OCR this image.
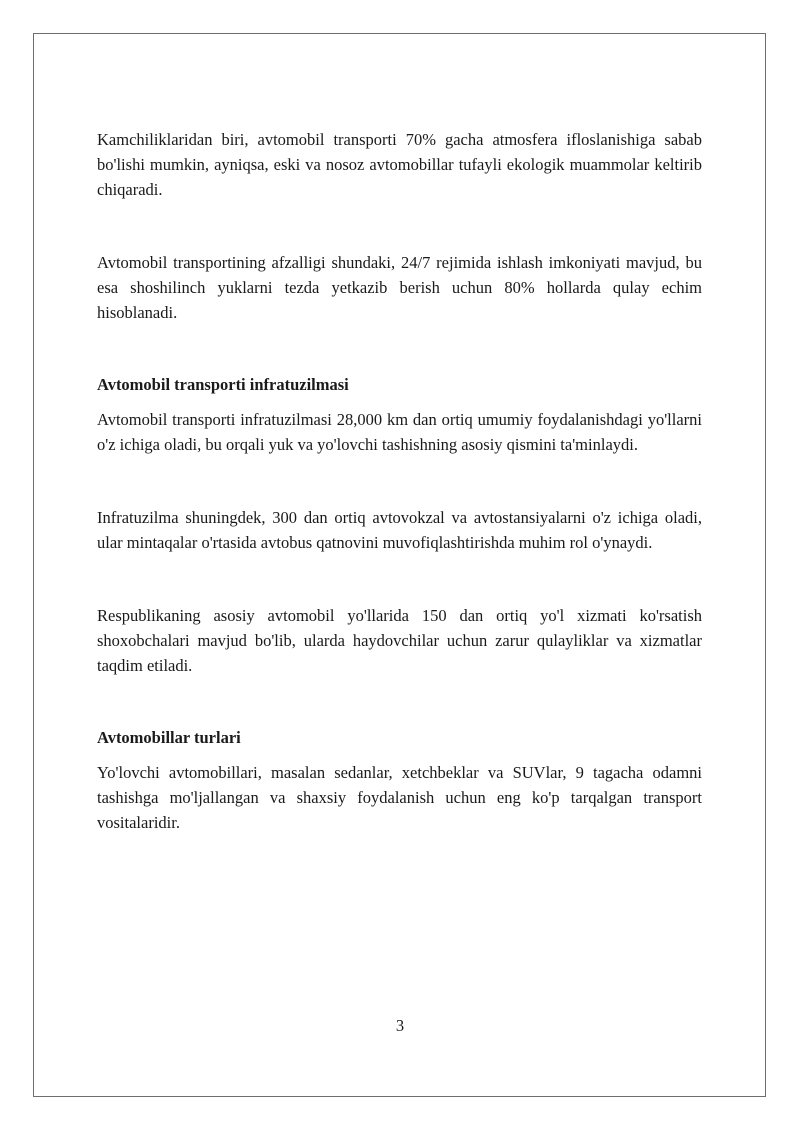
Kamchiliklaridan biri, avtomobil transporti 70% gacha atmosfera ifloslanishiga sabab bo'lishi mumkin, ayniqsa, eski va nosoz avtomobillar tufayli ekologik muammolar keltirib chiqaradi.

Avtomobil transportining afzalligi shundaki, 24/7 rejimida ishlash imkoniyati mavjud, bu esa shoshilinch yuklarni tezda yetkazib berish uchun 80% hollarda qulay echim hisoblanadi.

Avtomobil transporti infratuzilmasi

Avtomobil transporti infratuzilmasi 28,000 km dan ortiq umumiy foydalanishdagi yo'llarni o'z ichiga oladi, bu orqali yuk va yo'lovchi tashishning asosiy qismini ta'minlaydi.

Infratuzilma shuningdek, 300 dan ortiq avtovokzal va avtostansiyalarni o'z ichiga oladi, ular mintaqalar o'rtasida avtobus qatnovini muvofiqlashtirishda muhim rol o'ynaydi.

Respublikaning asosiy avtomobil yo'llarida 150 dan ortiq yo'l xizmati ko'rsatish shoxobchalari mavjud bo'lib, ularda haydovchilar uchun zarur qulayliklar va xizmatlar taqdim etiladi.

Avtomobillar turlari

Yo'lovchi avtomobillari, masalan sedanlar, xetchbeklar va SUVlar, 9 tagacha odamni tashishga mo'ljallangan va shaxsiy foydalanish uchun eng ko'p tarqalgan transport vositalaridir.

3
